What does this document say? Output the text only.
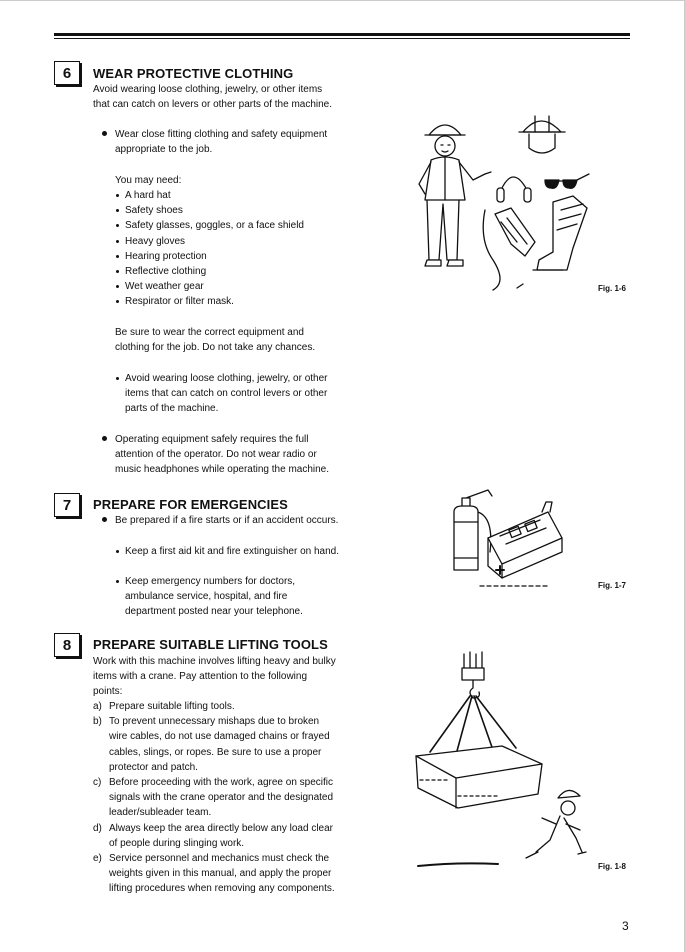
6	WEAR PROTECTIVE CLOTHING
Avoid wearing loose clothing, jewelry, or other items
that can catch on levers or other parts of the machine.
Wear close fitting clothing and safety equipment
appropriate to the job.
You may need:
A hard hat
Safety shoes
Safety glasses, goggles, or a face shield
Heavy gloves
Hearing protection
Reflective clothing
Wet weather gear
Respirator or filter mask.
Be sure to wear the correct equipment and
clothing for the job. Do not take any chances.
Avoid wearing loose clothing, jewelry, or other
items that can catch on control levers or other
parts of the machine.
Operating equipment safely requires the full
attention of the operator. Do not wear radio or
music headphones while operating the machine.
Fig. 1-6
7	PREPARE FOR EMERGENCIES
Be prepared if a fire starts or if an accident occurs.
Keep a first aid kit and fire extinguisher on hand.
Keep emergency numbers for doctors,
ambulance service, hospital, and fire
department posted near your telephone.
Fig. 1-7
8	PREPARE SUITABLE LIFTING TOOLS
Work with this machine involves lifting heavy and bulky
items with a crane. Pay attention to the following
points:
a) Prepare suitable lifting tools.
b) To prevent unnecessary mishaps due to broken
wire cables, do not use damaged chains or frayed
cables, slings, or ropes. Be sure to use a proper
protector and patch.
c) Before proceeding with the work, agree on specific
signals with the crane operator and the designated
leader/subleader team.
d) Always keep the area directly below any load clear
of people during slinging work.
e) Service personnel and mechanics must check the
weights given in this manual, and apply the proper
lifting procedures when removing any components.
Fig. 1-8
3
